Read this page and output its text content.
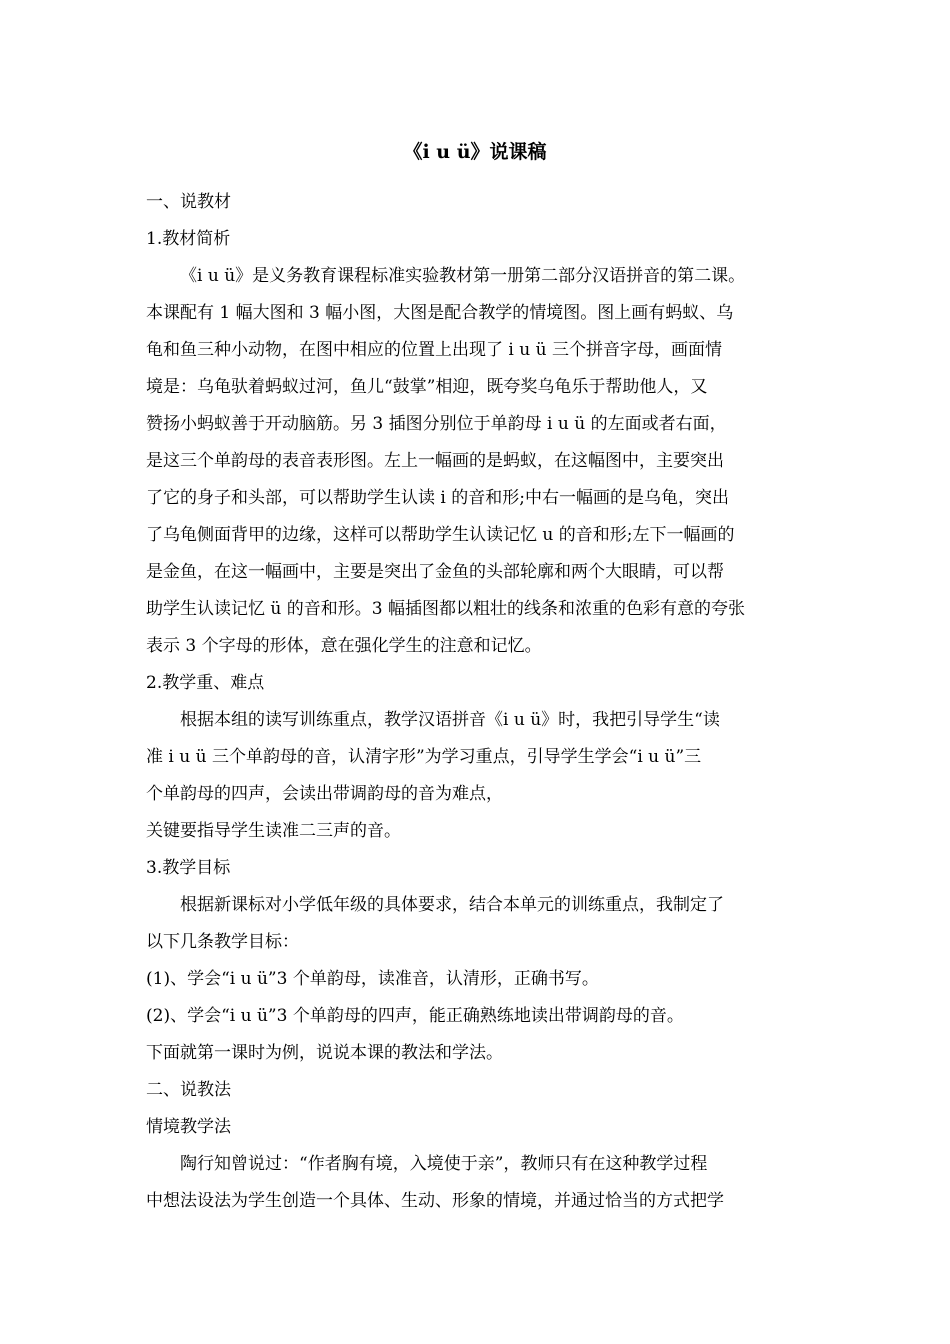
《i u ü》说课稿

一、说教材

1.教材简析

《i u ü》是义务教育课程标准实验教材第一册第二部分汉语拼音的第二课。

本课配有 1 幅大图和 3 幅小图，大图是配合教学的情境图。图上画有蚂蚁、乌

龟和鱼三种小动物，在图中相应的位置上出现了 i u ü 三个拼音字母，画面情

境是：乌龟驮着蚂蚁过河，鱼儿“鼓掌”相迎，既夸奖乌龟乐于帮助他人，又

赞扬小蚂蚁善于开动脑筋。另 3 插图分别位于单韵母 i u ü 的左面或者右面，

是这三个单韵母的表音表形图。左上一幅画的是蚂蚁，在这幅图中，主要突出

了它的身子和头部，可以帮助学生认读 i 的音和形;中右一幅画的是乌龟，突出

了乌龟侧面背甲的边缘，这样可以帮助学生认读记忆 u 的音和形;左下一幅画的

是金鱼，在这一幅画中，主要是突出了金鱼的头部轮廓和两个大眼睛，可以帮

助学生认读记忆 ü 的音和形。3 幅插图都以粗壮的线条和浓重的色彩有意的夸张

表示 3 个字母的形体，意在强化学生的注意和记忆。

2.教学重、难点

根据本组的读写训练重点，教学汉语拼音《i u ü》时，我把引导学生“读

准 i u ü 三个单韵母的音，认清字形”为学习重点，引导学生学会“i u ü”三

个单韵母的四声，会读出带调韵母的音为难点，

关键要指导学生读准二三声的音。

3.教学目标

根据新课标对小学低年级的具体要求，结合本单元的训练重点，我制定了

以下几条教学目标：

(1)、学会“i u ü”3 个单韵母，读准音，认清形，正确书写。

(2)、学会“i u ü”3 个单韵母的四声，能正确熟练地读出带调韵母的音。

下面就第一课时为例，说说本课的教法和学法。

二、说教法

情境教学法

陶行知曾说过：“作者胸有境，入境使于亲”，教师只有在这种教学过程

中想法设法为学生创造一个具体、生动、形象的情境，并通过恰当的方式把学
